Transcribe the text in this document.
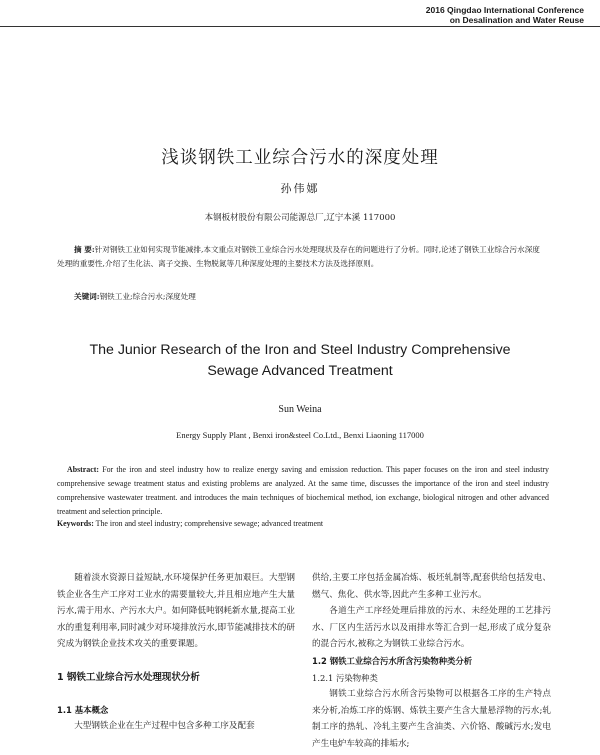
2016 Qingdao International Conference
on Desalination and Water Reuse
浅谈钢铁工业综合污水的深度处理
孙伟娜
本钢板材股份有限公司能源总厂,辽宁本溪 117000
摘 要:针对钢铁工业如何实现节能减排,本文重点对钢铁工业综合污水处理现状及存在的问题进行了分析。同时,论述了钢铁工业综合污水深度处理的重要性,介绍了生化法、离子交换、生物脱氮等几种深度处理的主要技术方法及选择原则。
关键词:钢铁工业;综合污水;深度处理
The Junior Research of the Iron and Steel Industry Comprehensive
Sewage Advanced Treatment
Sun Weina
Energy Supply Plant , Benxi iron&steel Co.Ltd., Benxi Liaoning 117000
Abstract: For the iron and steel industry how to realize energy saving and emission reduction. This paper focuses on the iron and steel industry comprehensive sewage treatment status and existing problems are analyzed. At the same time, discusses the importance of the iron and steel industry comprehensive wastewater treatment. and introduces the main techniques of biochemical method, ion exchange, biological nitrogen and other advanced treatment and selection principle.
Keywords: The iron and steel industry; comprehensive sewage; advanced treatment

随着淡水资源日益短缺,水环境保护任务更加艰巨。大型钢铁企业各生产工序对工业水的需要量较大,并且相应地产生大量污水,需于用水、产污水大户。如何降低吨钢耗新水量,提高工业水的重复利用率,同时减少对环境排放污水,即节能减排技术的研究成为钢铁企业技术攻关的重要课题。

1 钢铁工业综合污水处理现状分析
1.1 基本概念

大型钢铁企业在生产过程中包含多种工序及配套

供给,主要工序包括金属冶炼、板坯轧制等,配套供给包括发电、燃气、焦化、供水等,因此产生多种工业污水。

各道生产工序经处理后排放的污水、未经处理的工艺排污水、厂区内生活污水以及雨排水等汇合到一起,形成了成分复杂的混合污水,被称之为钢铁工业综合污水。

1.2 钢铁工业综合污水所含污染物种类分析
1.2.1 污染物种类

钢铁工业综合污水所含污染物可以根据各工序的生产特点来分析,冶炼工序的炼钢、炼铁主要产生含大量悬浮物的污水;轧制工序的热轧、冷轧主要产生含油类、六价铬、酸碱污水;发电产生电炉车较高的排垢水;
